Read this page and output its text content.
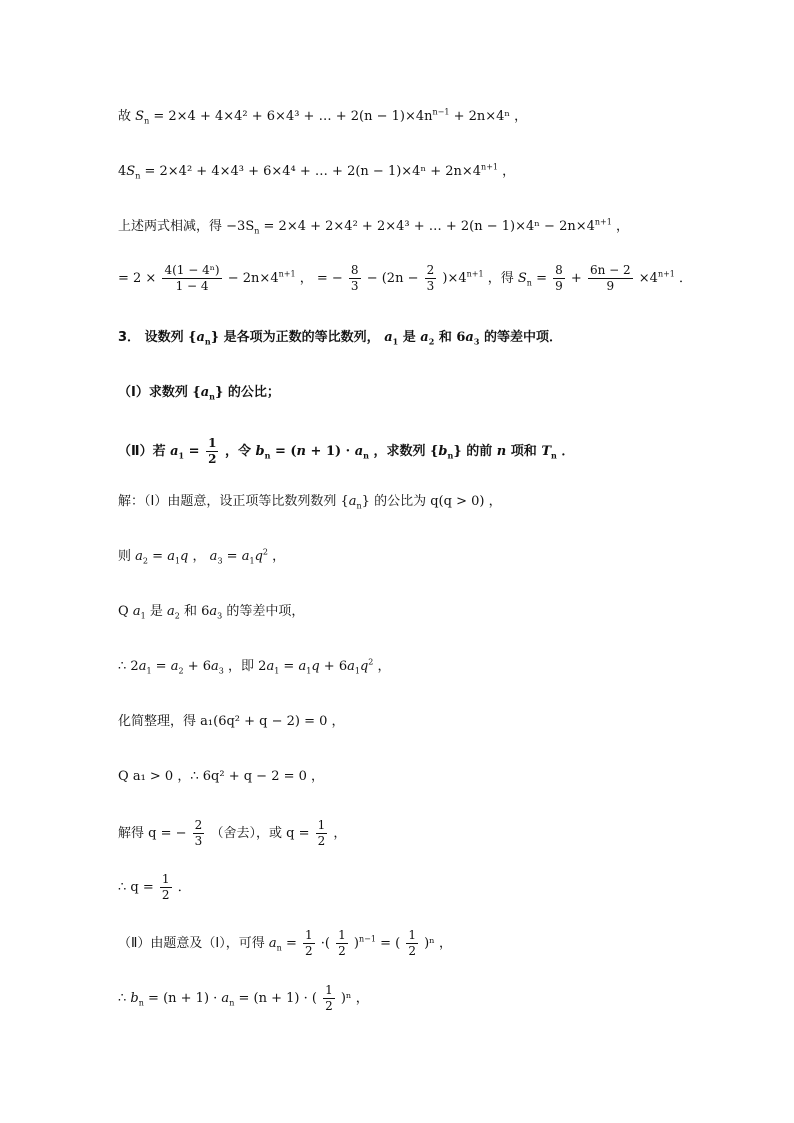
故 $S_n = 2\times 4 + 4\times 4^2 + 6\times 4^3$ + … + $2(n - 1)\times 4n^{n-1} + 2n\times 4^n$ ，
$4S_n = 2\times 4^2 + 4\times 4^3 + 6\times 4^4$ + … + $2(n - 1)\times 4^n + 2n\times 4^{n+1}$ ，
上述两式相减，得 $-3S_n = 2\times 4 + 2\times 4^2 + 2\times 4^3$ + … + $2(n - 1)\times 4^n - 2n\times 4^{n+1}$ ，
= $2 \times \frac{\text{4(1 − 4ⁿ)}}{1 - 4} - 2n\times 4^{n+1}$ ， = − $\frac{8}{3} - (2n - \frac{2}{3} )\times 4^{n+1}$ ，得 $S_n = \frac{8}{9} + \frac{6n - 2}{9} \times 4^{n+1}$ ．
3． 设数列 $\{a_n\}$ 是各项为正数的等比数列， $a_1$ 是 $a_2$ 和 $6a_3$ 的等差中项．
（Ⅰ）求数列 $\{a_n\}$ 的公比；
（Ⅱ）若 $a_1 = \frac{1}{2}$ ，令 $b_n = (n + 1) \cdot a_n$ ，求数列 $\{b_n\}$ 的前 n 项和 $T_n$ ．
解：（Ⅰ）由题意，设正项等比数列数列 $\{a_n\}$ 的公比为 q(q > 0) ，
则 $a_2 = a_1q$ ， $a_3 = a_1q^2$ ，
Q $a_1$ 是 $a_2$ 和 $6a_3$ 的等差中项，
∴ $2a_1 = a_2 + 6a_3$ ，即 $2a_1 = a_1q + 6a_1q^2$ ，
化简整理，得 a₁(6q² + q − 2) = 0 ，
Q a₁ > 0 ，∴ 6q² + q − 2 = 0 ，
解得 q = − $\frac{2}{3}$ （舍去），或 $q = \frac{1}{2}$ ，
∴ $q = \frac{1}{2}$ ．
（Ⅱ）由题意及（Ⅰ），可得 $a_n = \frac{1}{2}$ ·( $\frac{1}{2} )^{n-1}$ = ( $\frac{1}{2} )^n$ ，
∴ $b_n = (n + 1) \cdot a_n = (n + 1)$ · ( $\frac{1}{2} )^n$ ，
